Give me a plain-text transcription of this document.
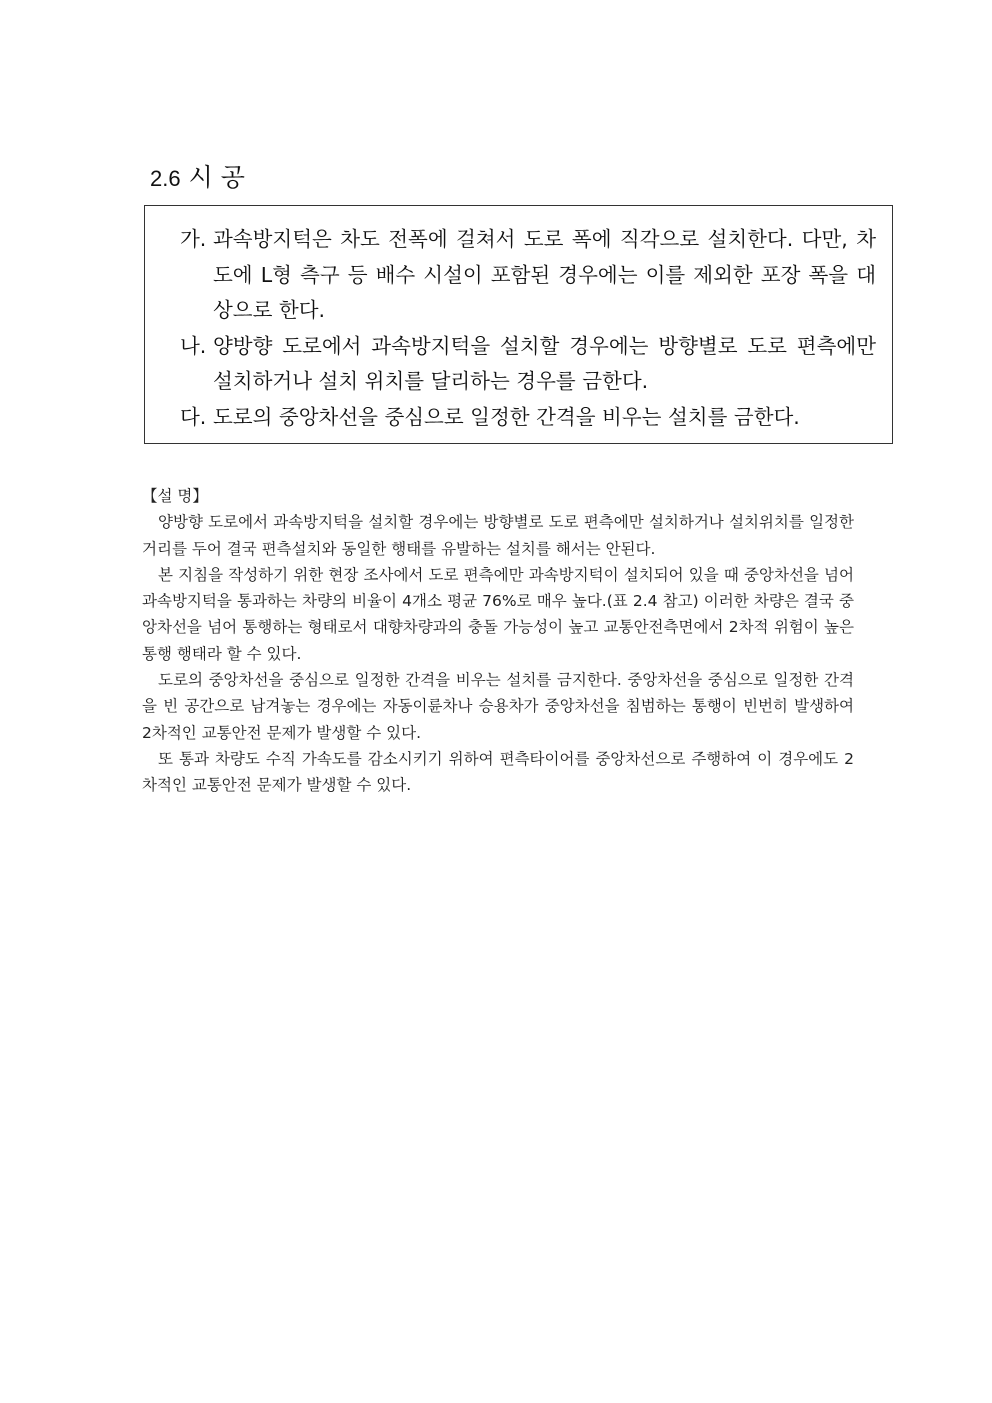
2.6 시 공
가. 과속방지턱은 차도 전폭에 걸쳐서 도로 폭에 직각으로 설치한다. 다만, 차도에 L형 측구 등 배수 시설이 포함된 경우에는 이를 제외한 포장 폭을 대상으로 한다.
나. 양방향 도로에서 과속방지턱을 설치할 경우에는 방향별로 도로 편측에만 설치하거나 설치 위치를 달리하는 경우를 금한다.
다. 도로의 중앙차선을 중심으로 일정한 간격을 비우는 설치를 금한다.
【설 명】

양방향 도로에서 과속방지턱을 설치할 경우에는 방향별로 도로 편측에만 설치하거나 설치위치를 일정한 거리를 두어 결국 편측설치와 동일한 행태를 유발하는 설치를 해서는 안된다.

본 지침을 작성하기 위한 현장 조사에서 도로 편측에만 과속방지턱이 설치되어 있을 때 중앙차선을 넘어 과속방지턱을 통과하는 차량의 비율이 4개소 평균 76%로 매우 높다.(표 2.4 참고) 이러한 차량은 결국 중앙차선을 넘어 통행하는 형태로서 대향차량과의 충돌 가능성이 높고 교통안전측면에서 2차적 위험이 높은 통행 행태라 할 수 있다.

도로의 중앙차선을 중심으로 일정한 간격을 비우는 설치를 금지한다. 중앙차선을 중심으로 일정한 간격을 빈 공간으로 남겨놓는 경우에는 자동이륜차나 승용차가 중앙차선을 침범하는 통행이 빈번히 발생하여 2차적인 교통안전 문제가 발생할 수 있다.

또 통과 차량도 수직 가속도를 감소시키기 위하여 편측타이어를 중앙차선으로 주행하여 이 경우에도 2차적인 교통안전 문제가 발생할 수 있다.
